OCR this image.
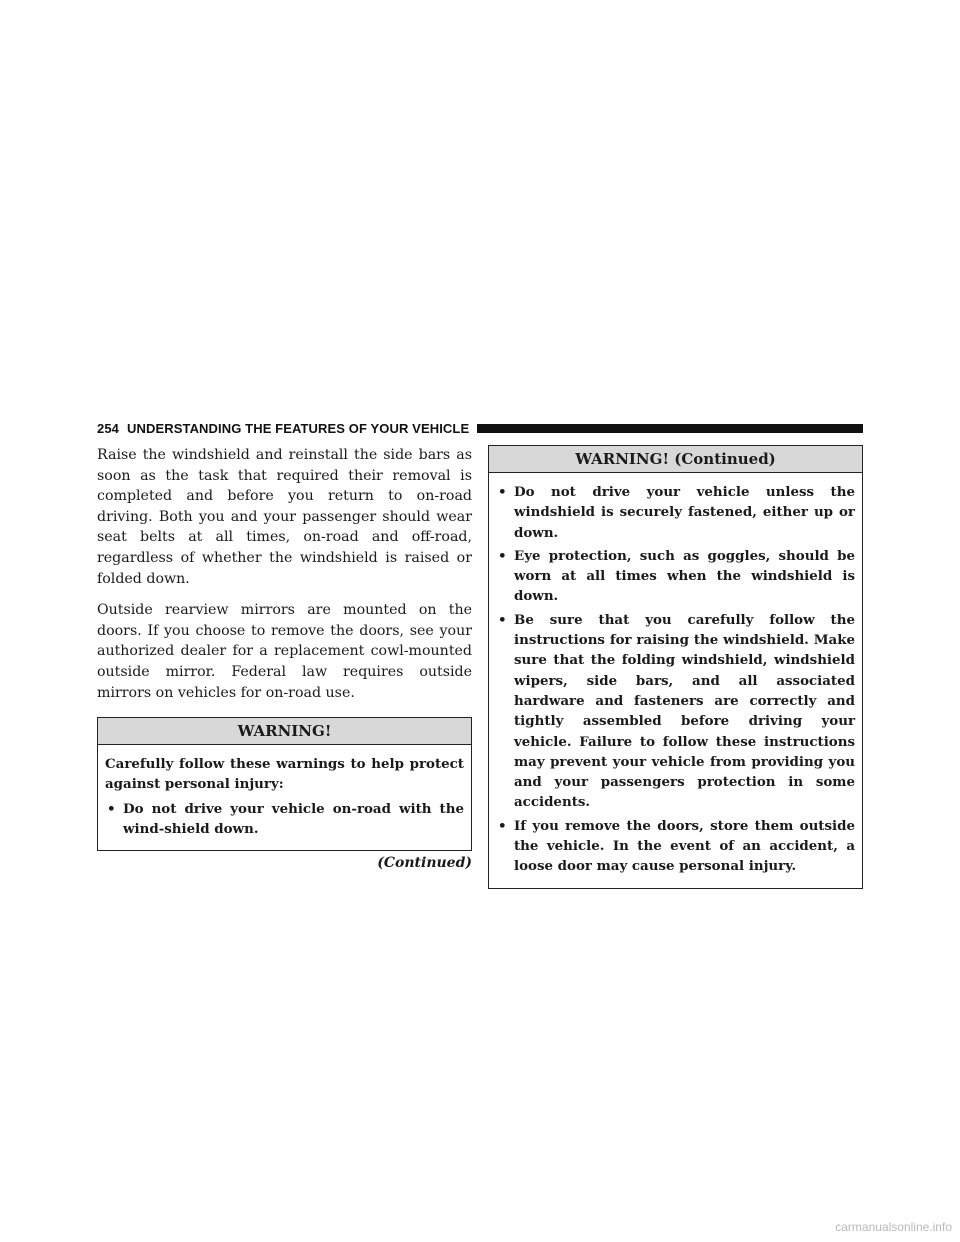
254 UNDERSTANDING THE FEATURES OF YOUR VEHICLE

Raise the windshield and reinstall the side bars as soon as the task that required their removal is completed and before you return to on-road driving. Both you and your passenger should wear seat belts at all times, on-road and off-road, regardless of whether the windshield is raised or folded down.

Outside rearview mirrors are mounted on the doors. If you choose to remove the doors, see your authorized dealer for a replacement cowl-mounted outside mirror. Federal law requires outside mirrors on vehicles for on-road use.

WARNING!

Carefully follow these warnings to help protect against personal injury:

• Do not drive your vehicle on-road with the wind-shield down.
(Continued)
WARNING! (Continued)
• Do not drive your vehicle unless the windshield is securely fastened, either up or down.
• Eye protection, such as goggles, should be worn at all times when the windshield is down.
• Be sure that you carefully follow the instructions for raising the windshield. Make sure that the folding windshield, windshield wipers, side bars, and all associated hardware and fasteners are correctly and tightly assembled before driving your vehicle. Failure to follow these instructions may prevent your vehicle from providing you and your passengers protection in some accidents.
• If you remove the doors, store them outside the vehicle. In the event of an accident, a loose door may cause personal injury.
carmanualsonline.info
